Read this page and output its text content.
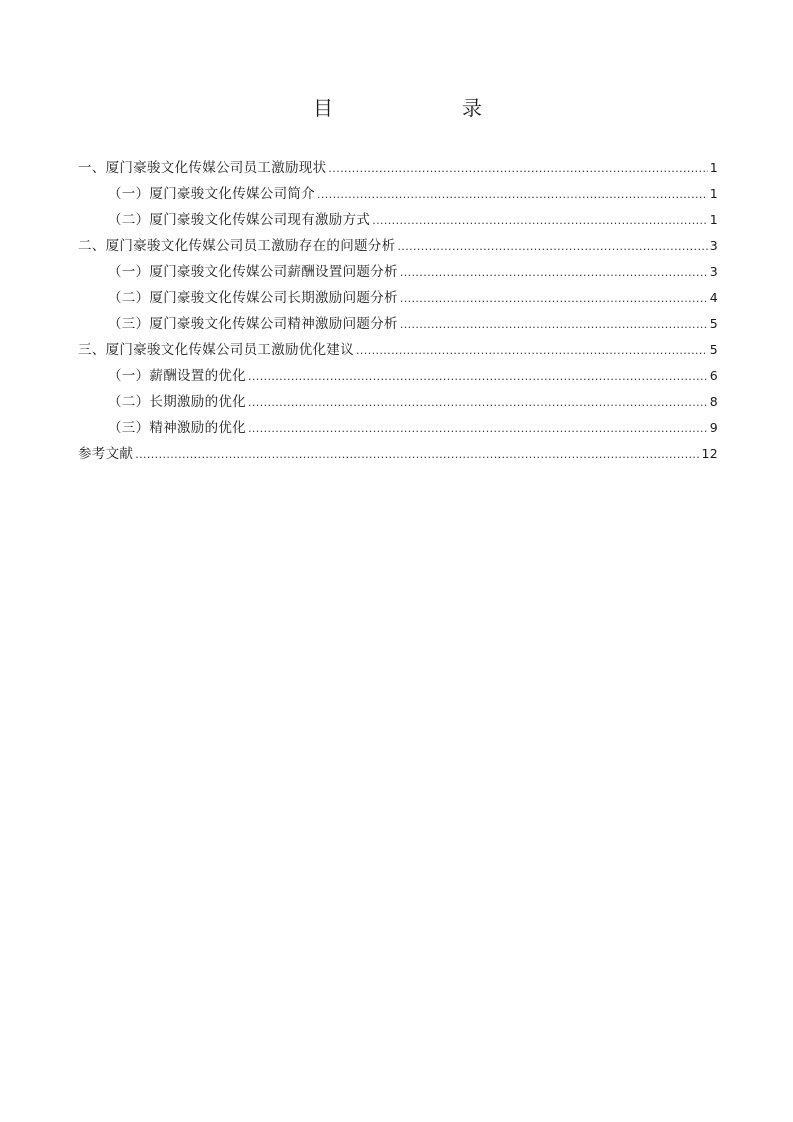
目	录
一、厦门豪骏文化传媒公司员工激励现状 .....	1
（一）厦门豪骏文化传媒公司简介 .....	1
（二）厦门豪骏文化传媒公司现有激励方式 .....	1
二、厦门豪骏文化传媒公司员工激励存在的问题分析 .....	3
（一）厦门豪骏文化传媒公司薪酬设置问题分析 .....	3
（二）厦门豪骏文化传媒公司长期激励问题分析 .....	4
（三）厦门豪骏文化传媒公司精神激励问题分析 .....	5
三、厦门豪骏文化传媒公司员工激励优化建议 .....	5
（一）薪酬设置的优化 .....	6
（二）长期激励的优化 .....	8
（三）精神激励的优化 .....	9
参考文献 .....	12
